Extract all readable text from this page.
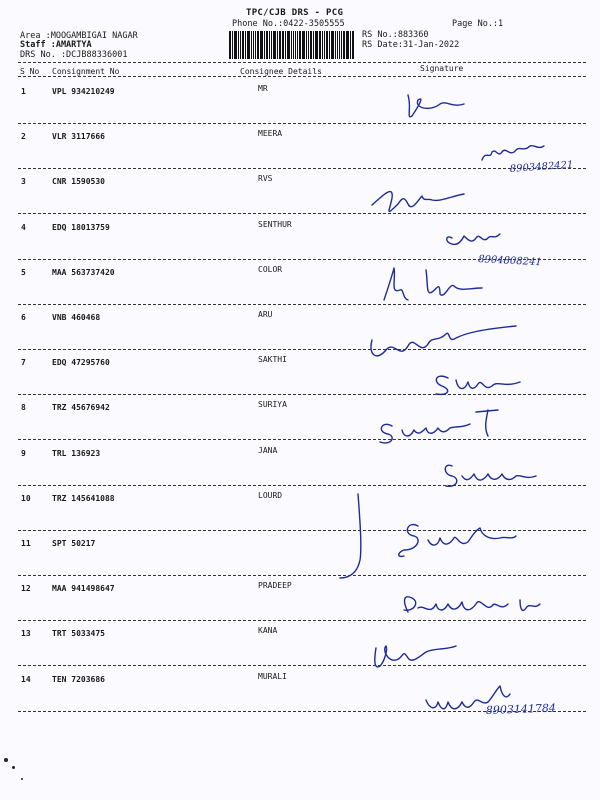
TPC/CJB DRS - PCG
Phone No.:0422-3505555	Page No.:1
Area :MOOGAMBIGAI NAGAR
Staff :AMARTYA
DRS No. :DCJB88336001
RS No.:883360
RS Date:31-Jan-2022
S No Consignment No	Consignee Details	Signature
1	VPL 934210249	MR
2	VLR 3117666	MEERA
3	CNR 1590530	RVS
4	EDQ 18013759	SENTHUR
5	MAA 563737420	COLOR
6	VNB 460468	ARU
7	EDQ 47295760	SAKTHI
8	TRZ 45676942	SURIYA
9	TRL 136923	JANA
10	TRZ 145641088	LOURD
11	SPT 50217
12	MAA 941498647	PRADEEP
13	TRT 5033475	KANA
14	TEN 7203686	MURALI
8903482421
8904808241
8903141784
